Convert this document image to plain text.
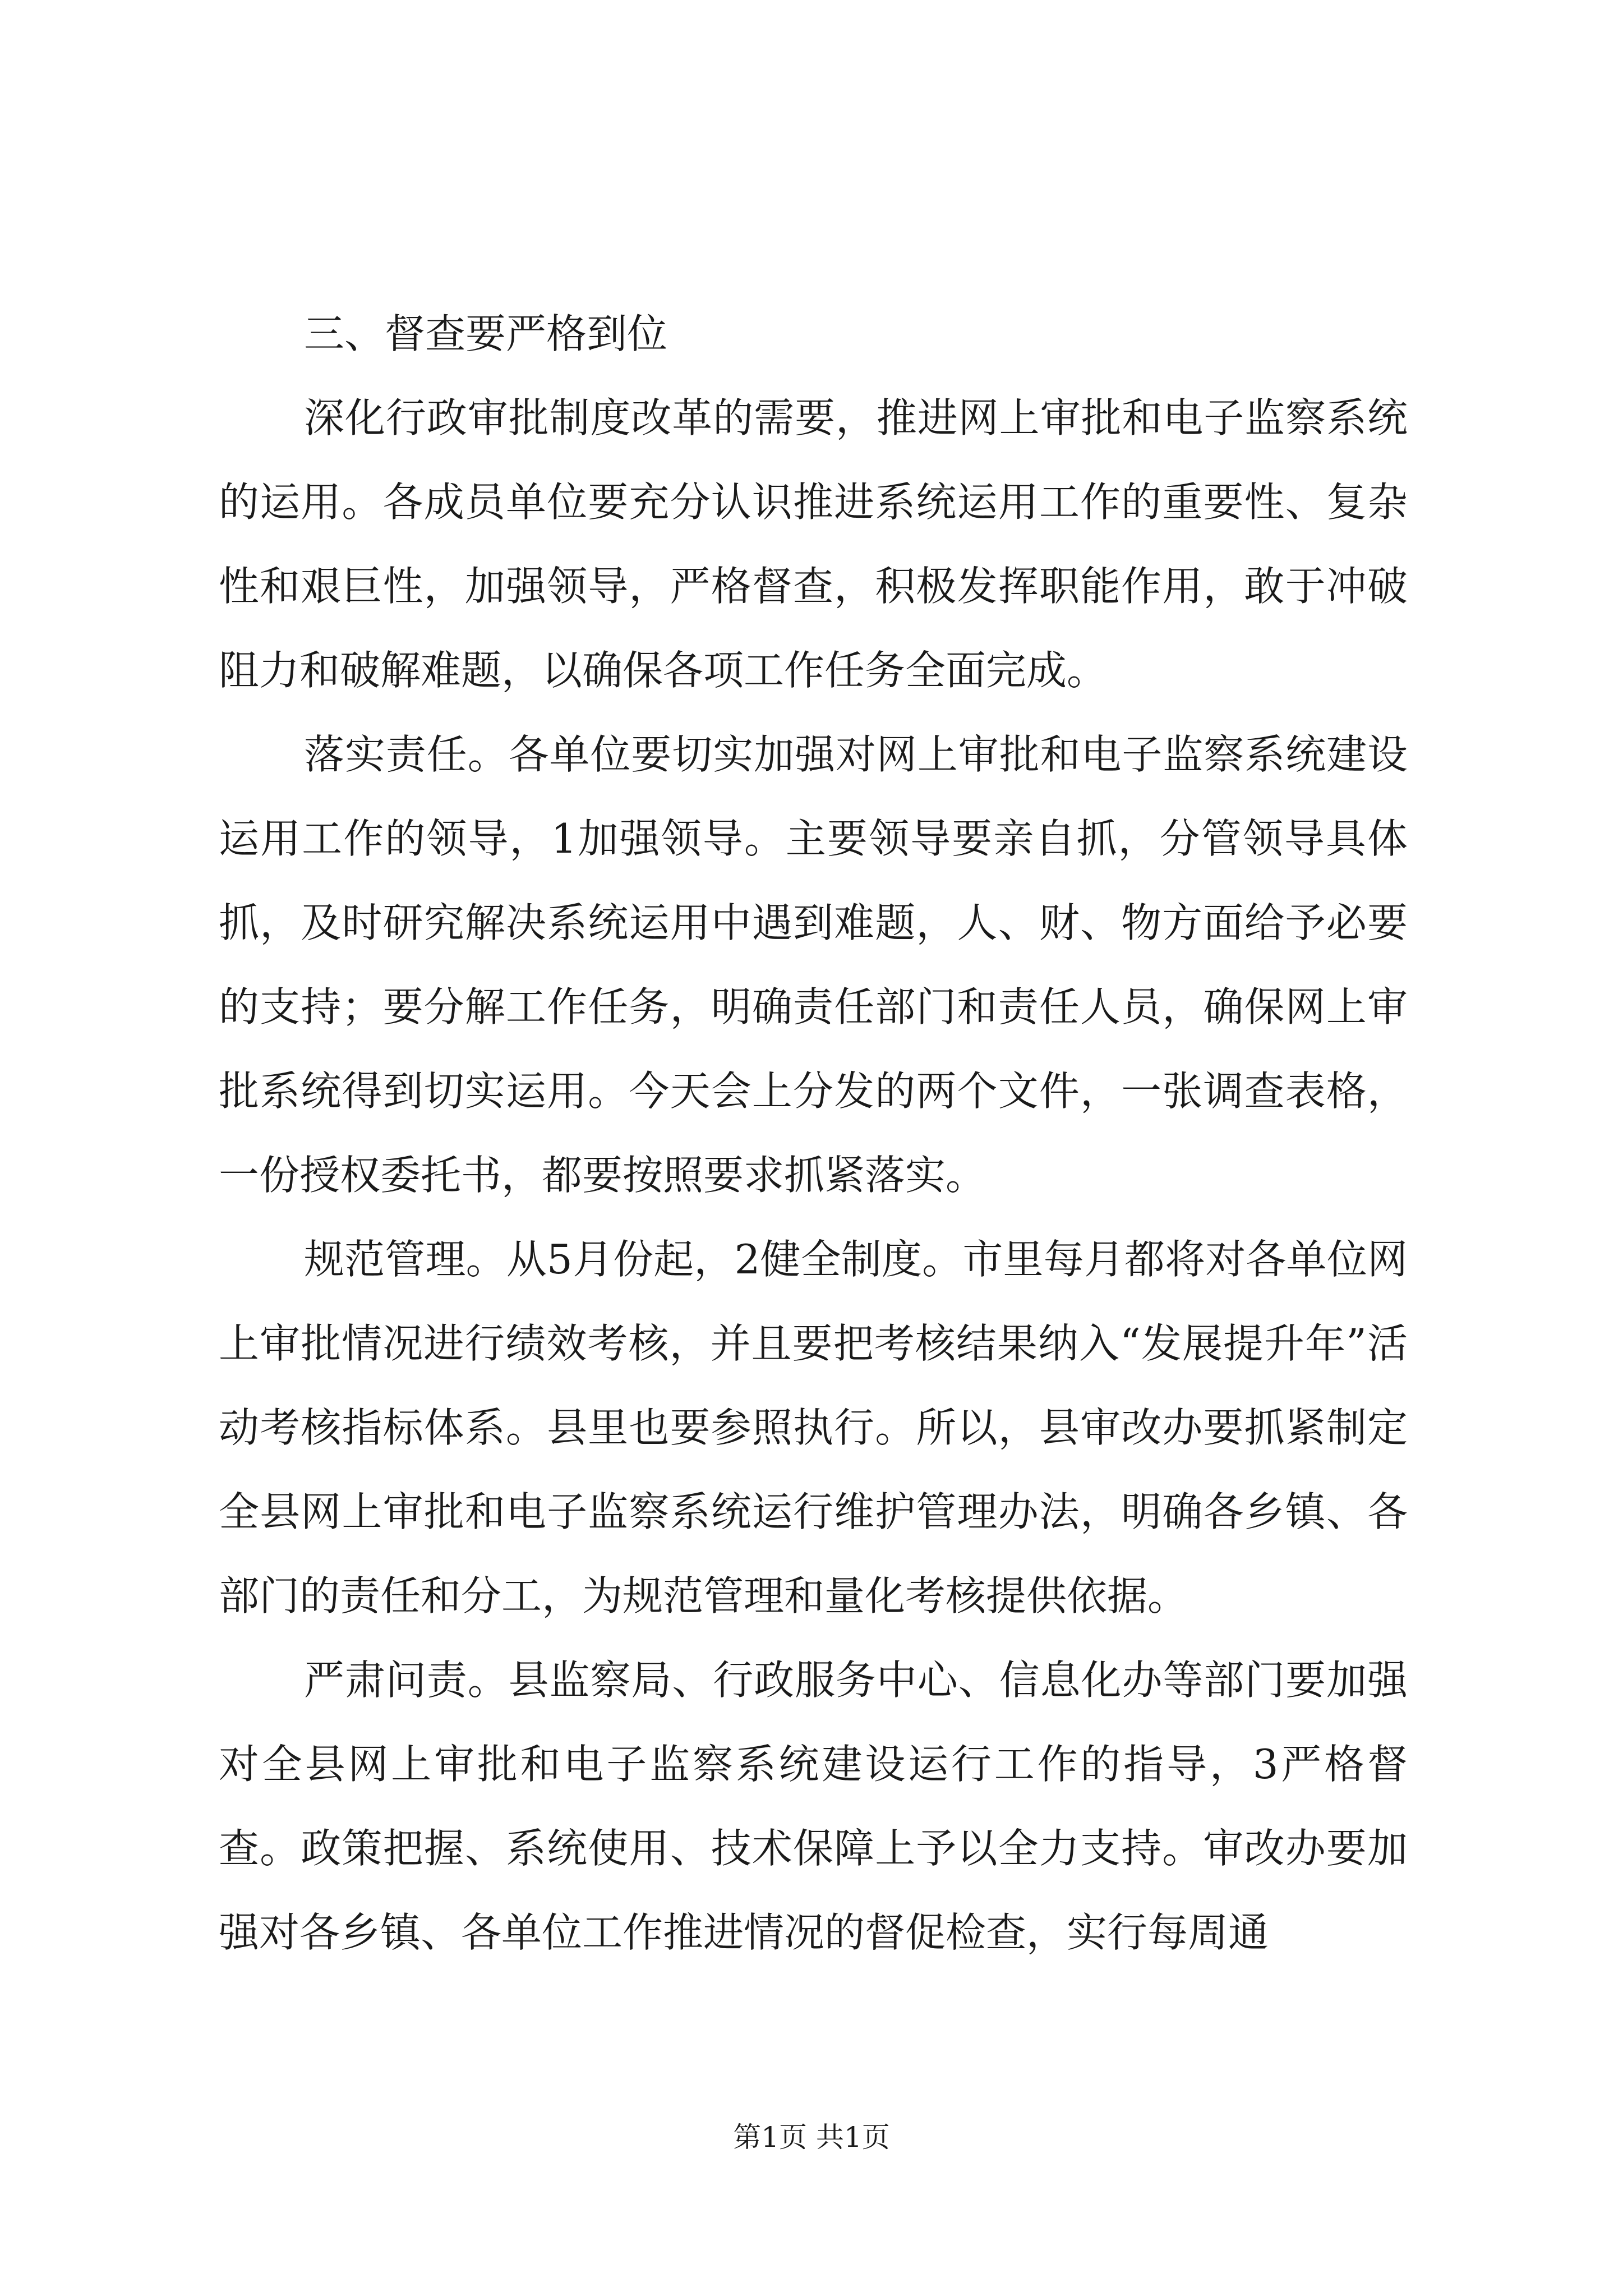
三、督查要严格到位

深化行政审批制度改革的需要，推进网上审批和电子监察系统的运用。各成员单位要充分认识推进系统运用工作的重要性、复杂性和艰巨性，加强领导，严格督查，积极发挥职能作用，敢于冲破阻力和破解难题，以确保各项工作任务全面完成。

落实责任。各单位要切实加强对网上审批和电子监察系统建设运用工作的领导，1加强领导。主要领导要亲自抓，分管领导具体抓，及时研究解决系统运用中遇到难题，人、财、物方面给予必要的支持；要分解工作任务，明确责任部门和责任人员，确保网上审批系统得到切实运用。今天会上分发的两个文件，一张调查表格，一份授权委托书，都要按照要求抓紧落实。

规范管理。从5月份起，2健全制度。市里每月都将对各单位网上审批情况进行绩效考核，并且要把考核结果纳入“发展提升年”活动考核指标体系。县里也要参照执行。所以，县审改办要抓紧制定全县网上审批和电子监察系统运行维护管理办法，明确各乡镇、各部门的责任和分工，为规范管理和量化考核提供依据。

严肃问责。县监察局、行政服务中心、信息化办等部门要加强对全县网上审批和电子监察系统建设运行工作的指导，3严格督查。政策把握、系统使用、技术保障上予以全力支持。审改办要加强对各乡镇、各单位工作推进情况的督促检查，实行每周通

第1页 共1页
